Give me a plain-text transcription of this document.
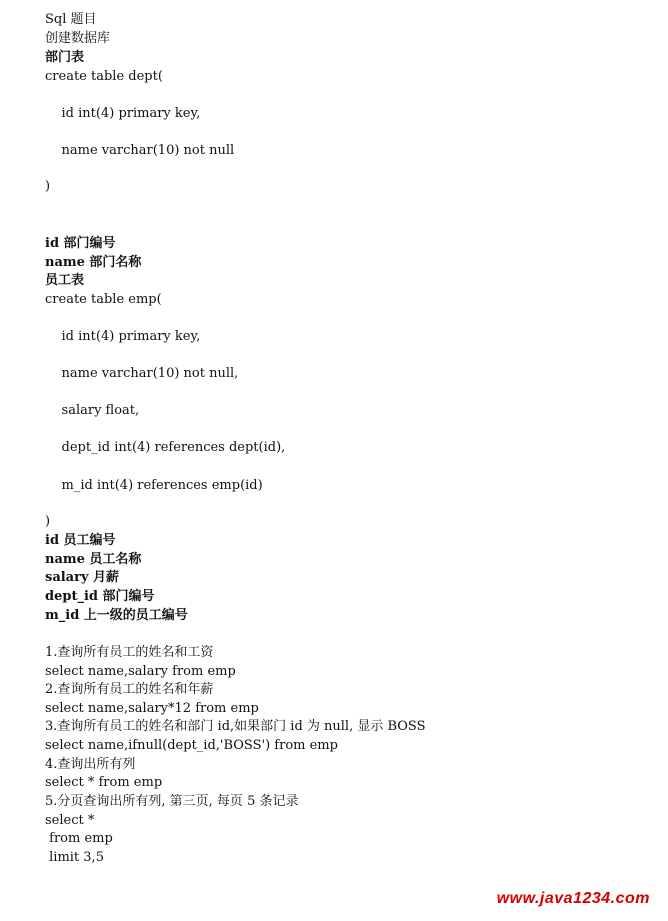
Sql 题目
创建数据库
部门表
create table dept(
id int(4) primary key,
name varchar(10) not null
)
id 部门编号
name 部门名称
员工表
create table emp(
id int(4) primary key,
name varchar(10) not null,
salary float,
dept_id int(4) references dept(id),
m_id int(4) references emp(id)
)
id 员工编号
name 员工名称
salary 月薪
dept_id 部门编号
m_id 上一级的员工编号
1.查询所有员工的姓名和工资
select name,salary from emp
2.查询所有员工的姓名和年薪
select name,salary*12 from emp
3.查询所有员工的姓名和部门 id,如果部门 id 为 null, 显示 BOSS
select name,ifnull(dept_id,'BOSS') from emp
4.查询出所有列
select * from emp
5.分页查询出所有列, 第三页, 每页 5 条记录
select *
from emp
limit 3,5
www.java1234.com
